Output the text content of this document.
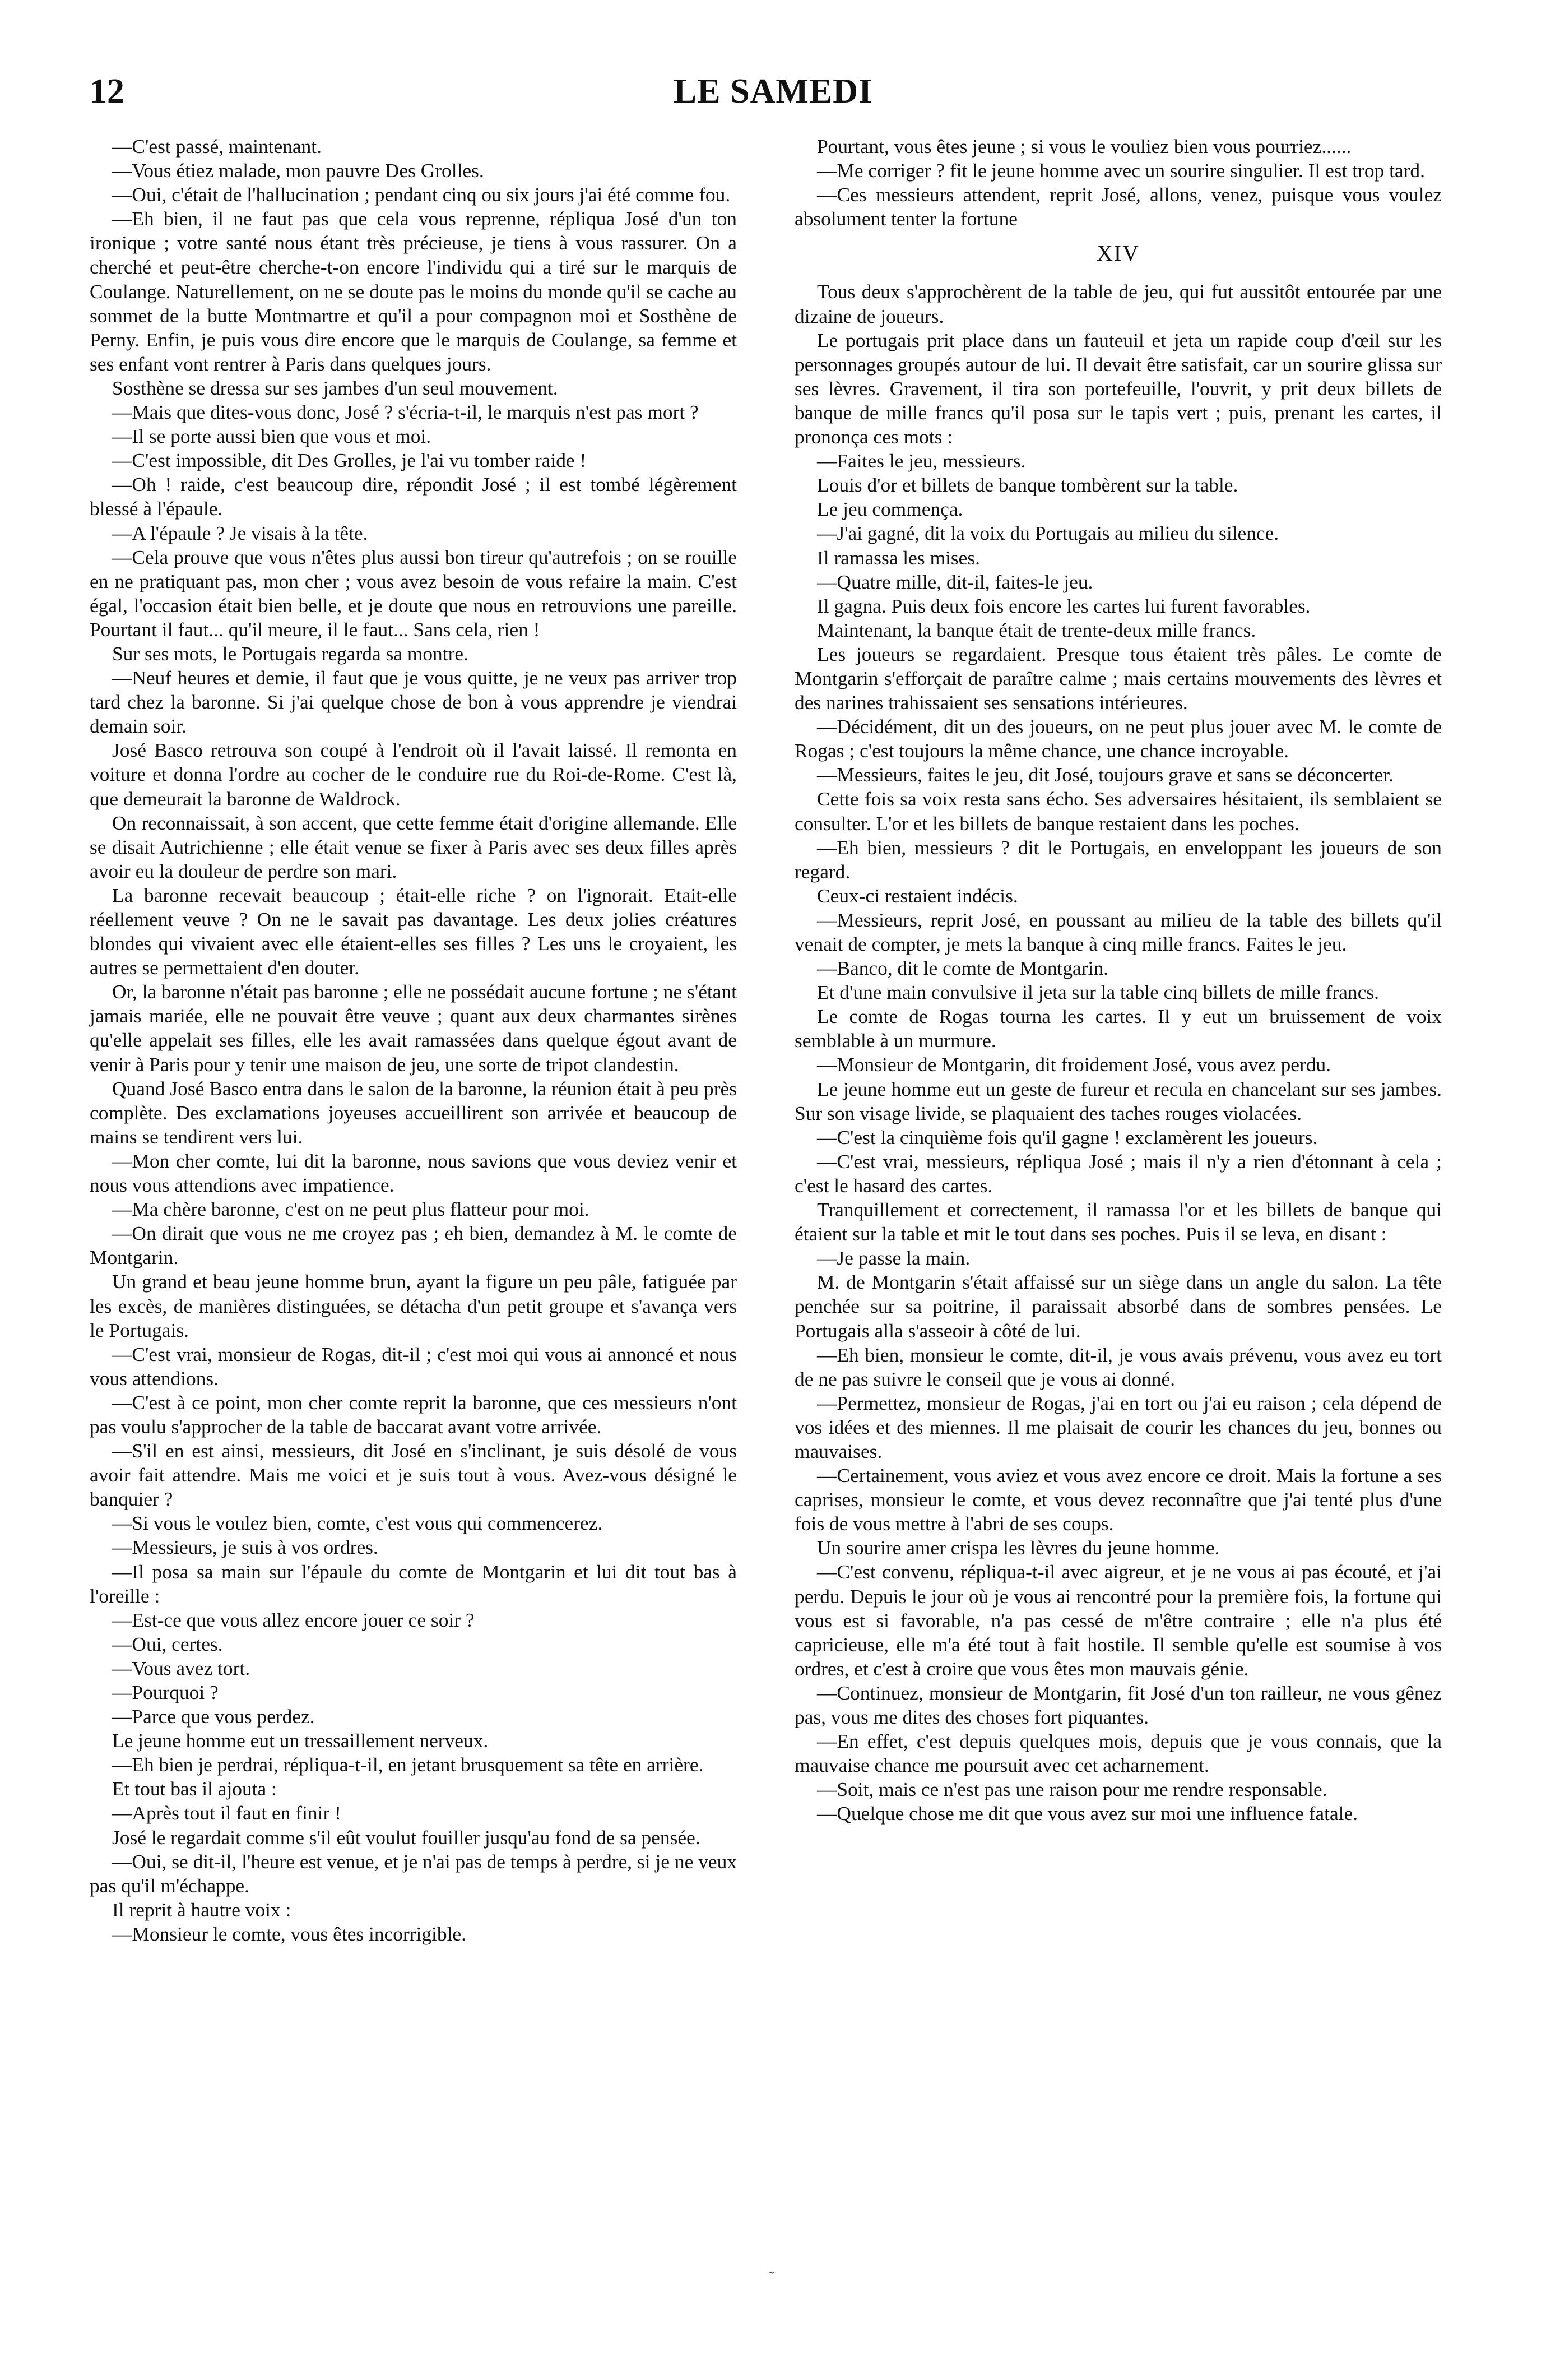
12	LE SAMEDI

—C'est passé, maintenant.

—Vous étiez malade, mon pauvre Des Grolles.

—Oui, c'était de l'hallucination ; pendant cinq ou six jours j'ai été comme fou.

—Eh bien, il ne faut pas que cela vous reprenne, répliqua José d'un ton ironique ; votre santé nous étant très précieuse, je tiens à vous rassurer. On a cherché et peut-être cherche-t-on encore l'individu qui a tiré sur le marquis de Coulange. Naturellement, on ne se doute pas le moins du monde qu'il se cache au sommet de la butte Montmartre et qu'il a pour compagnon moi et Sosthène de Perny. Enfin, je puis vous dire encore que le marquis de Coulange, sa femme et ses enfant vont rentrer à Paris dans quelques jours.

Sosthène se dressa sur ses jambes d'un seul mouvement.

—Mais que dites-vous donc, José ? s'écria-t-il, le marquis n'est pas mort ?

—Il se porte aussi bien que vous et moi.

—C'est impossible, dit Des Grolles, je l'ai vu tomber raide !

—Oh ! raide, c'est beaucoup dire, répondit José ; il est tombé légèrement blessé à l'épaule.

—A l'épaule ? Je visais à la tête.

—Cela prouve que vous n'êtes plus aussi bon tireur qu'autrefois ; on se rouille en ne pratiquant pas, mon cher ; vous avez besoin de vous refaire la main. C'est égal, l'occasion était bien belle, et je doute que nous en retrouvions une pareille. Pourtant il faut... qu'il meure, il le faut... Sans cela, rien !

Sur ses mots, le Portugais regarda sa montre.

—Neuf heures et demie, il faut que je vous quitte, je ne veux pas arriver trop tard chez la baronne. Si j'ai quelque chose de bon à vous apprendre je viendrai demain soir.

José Basco retrouva son coupé à l'endroit où il l'avait laissé. Il remonta en voiture et donna l'ordre au cocher de le conduire rue du Roi-de-Rome. C'est là, que demeurait la baronne de Waldrock.

On reconnaissait, à son accent, que cette femme était d'origine allemande. Elle se disait Autrichienne ; elle était venue se fixer à Paris avec ses deux filles après avoir eu la douleur de perdre son mari.

La baronne recevait beaucoup ; était-elle riche ? on l'ignorait. Etait-elle réellement veuve ? On ne le savait pas davantage. Les deux jolies créatures blondes qui vivaient avec elle étaient-elles ses filles ? Les uns le croyaient, les autres se permettaient d'en douter.

Or, la baronne n'était pas baronne ; elle ne possédait aucune fortune ; ne s'étant jamais mariée, elle ne pouvait être veuve ; quant aux deux charmantes sirènes qu'elle appelait ses filles, elle les avait ramassées dans quelque égout avant de venir à Paris pour y tenir une maison de jeu, une sorte de tripot clandestin.

Quand José Basco entra dans le salon de la baronne, la réunion était à peu près complète. Des exclamations joyeuses accueillirent son arrivée et beaucoup de mains se tendirent vers lui.

—Mon cher comte, lui dit la baronne, nous savions que vous deviez venir et nous vous attendions avec impatience.

—Ma chère baronne, c'est on ne peut plus flatteur pour moi.

—On dirait que vous ne me croyez pas ; eh bien, demandez à M. le comte de Montgarin.

Un grand et beau jeune homme brun, ayant la figure un peu pâle, fatiguée par les excès, de manières distinguées, se détacha d'un petit groupe et s'avança vers le Portugais.

—C'est vrai, monsieur de Rogas, dit-il ; c'est moi qui vous ai annoncé et nous vous attendions.

—C'est à ce point, mon cher comte reprit la baronne, que ces messieurs n'ont pas voulu s'approcher de la table de baccarat avant votre arrivée.

—S'il en est ainsi, messieurs, dit José en s'inclinant, je suis désolé de vous avoir fait attendre. Mais me voici et je suis tout à vous. Avez-vous désigné le banquier ?

—Si vous le voulez bien, comte, c'est vous qui commencerez.

—Messieurs, je suis à vos ordres.

—Il posa sa main sur l'épaule du comte de Montgarin et lui dit tout bas à l'oreille :

—Est-ce que vous allez encore jouer ce soir ?

—Oui, certes.

—Vous avez tort.

—Pourquoi ?

—Parce que vous perdez.

Le jeune homme eut un tressaillement nerveux.

—Eh bien je perdrai, répliqua-t-il, en jetant brusquement sa tête en arrière.

Et tout bas il ajouta :

—Après tout il faut en finir !

José le regardait comme s'il eût voulut fouiller jusqu'au fond de sa pensée.

—Oui, se dit-il, l'heure est venue, et je n'ai pas de temps à perdre, si je ne veux pas qu'il m'échappe.

Il reprit à hautre voix :

—Monsieur le comte, vous êtes incorrigible.

Pourtant, vous êtes jeune ; si vous le vouliez bien vous pourriez......

—Me corriger ? fit le jeune homme avec un sourire singulier. Il est trop tard.

—Ces messieurs attendent, reprit José, allons, venez, puisque vous voulez absolument tenter la fortune

XIV

Tous deux s'approchèrent de la table de jeu, qui fut aussitôt entourée par une dizaine de joueurs.

Le portugais prit place dans un fauteuil et jeta un rapide coup d'œil sur les personnages groupés autour de lui. Il devait être satisfait, car un sourire glissa sur ses lèvres. Gravement, il tira son portefeuille, l'ouvrit, y prit deux billets de banque de mille francs qu'il posa sur le tapis vert ; puis, prenant les cartes, il prononça ces mots :

—Faites le jeu, messieurs.

Louis d'or et billets de banque tombèrent sur la table.

Le jeu commença.

—J'ai gagné, dit la voix du Portugais au milieu du silence.

Il ramassa les mises.

—Quatre mille, dit-il, faites-le jeu.

Il gagna. Puis deux fois encore les cartes lui furent favorables.

Maintenant, la banque était de trente-deux mille francs.

Les joueurs se regardaient. Presque tous étaient très pâles. Le comte de Montgarin s'efforçait de paraître calme ; mais certains mouvements des lèvres et des narines trahissaient ses sensations intérieures.

—Décidément, dit un des joueurs, on ne peut plus jouer avec M. le comte de Rogas ; c'est toujours la même chance, une chance incroyable.

—Messieurs, faites le jeu, dit José, toujours grave et sans se déconcerter.

Cette fois sa voix resta sans écho. Ses adversaires hésitaient, ils semblaient se consulter. L'or et les billets de banque restaient dans les poches.

—Eh bien, messieurs ? dit le Portugais, en enveloppant les joueurs de son regard.

Ceux-ci restaient indécis.

—Messieurs, reprit José, en poussant au milieu de la table des billets qu'il venait de compter, je mets la banque à cinq mille francs. Faites le jeu.

—Banco, dit le comte de Montgarin.

Et d'une main convulsive il jeta sur la table cinq billets de mille francs.

Le comte de Rogas tourna les cartes. Il y eut un bruissement de voix semblable à un murmure.

—Monsieur de Montgarin, dit froidement José, vous avez perdu.

Le jeune homme eut un geste de fureur et recula en chancelant sur ses jambes. Sur son visage livide, se plaquaient des taches rouges violacées.

—C'est la cinquième fois qu'il gagne ! exclamèrent les joueurs.

—C'est vrai, messieurs, répliqua José ; mais il n'y a rien d'étonnant à cela ; c'est le hasard des cartes.

Tranquillement et correctement, il ramassa l'or et les billets de banque qui étaient sur la table et mit le tout dans ses poches. Puis il se leva, en disant :

—Je passe la main.

M. de Montgarin s'était affaissé sur un siège dans un angle du salon. La tête penchée sur sa poitrine, il paraissait absorbé dans de sombres pensées. Le Portugais alla s'asseoir à côté de lui.

—Eh bien, monsieur le comte, dit-il, je vous avais prévenu, vous avez eu tort de ne pas suivre le conseil que je vous ai donné.

—Permettez, monsieur de Rogas, j'ai en tort ou j'ai eu raison ; cela dépend de vos idées et des miennes. Il me plaisait de courir les chances du jeu, bonnes ou mauvaises.

—Certainement, vous aviez et vous avez encore ce droit. Mais la fortune a ses caprises, monsieur le comte, et vous devez reconnaître que j'ai tenté plus d'une fois de vous mettre à l'abri de ses coups.

Un sourire amer crispa les lèvres du jeune homme.

—C'est convenu, répliqua-t-il avec aigreur, et je ne vous ai pas écouté, et j'ai perdu. Depuis le jour où je vous ai rencontré pour la première fois, la fortune qui vous est si favorable, n'a pas cessé de m'être contraire ; elle n'a plus été capricieuse, elle m'a été tout à fait hostile. Il semble qu'elle est soumise à vos ordres, et c'est à croire que vous êtes mon mauvais génie.

—Continuez, monsieur de Montgarin, fit José d'un ton railleur, ne vous gênez pas, vous me dites des choses fort piquantes.

—En effet, c'est depuis quelques mois, depuis que je vous connais, que la mauvaise chance me poursuit avec cet acharnement.

—Soit, mais ce n'est pas une raison pour me rendre responsable.

—Quelque chose me dit que vous avez sur moi une influence fatale.

˜
